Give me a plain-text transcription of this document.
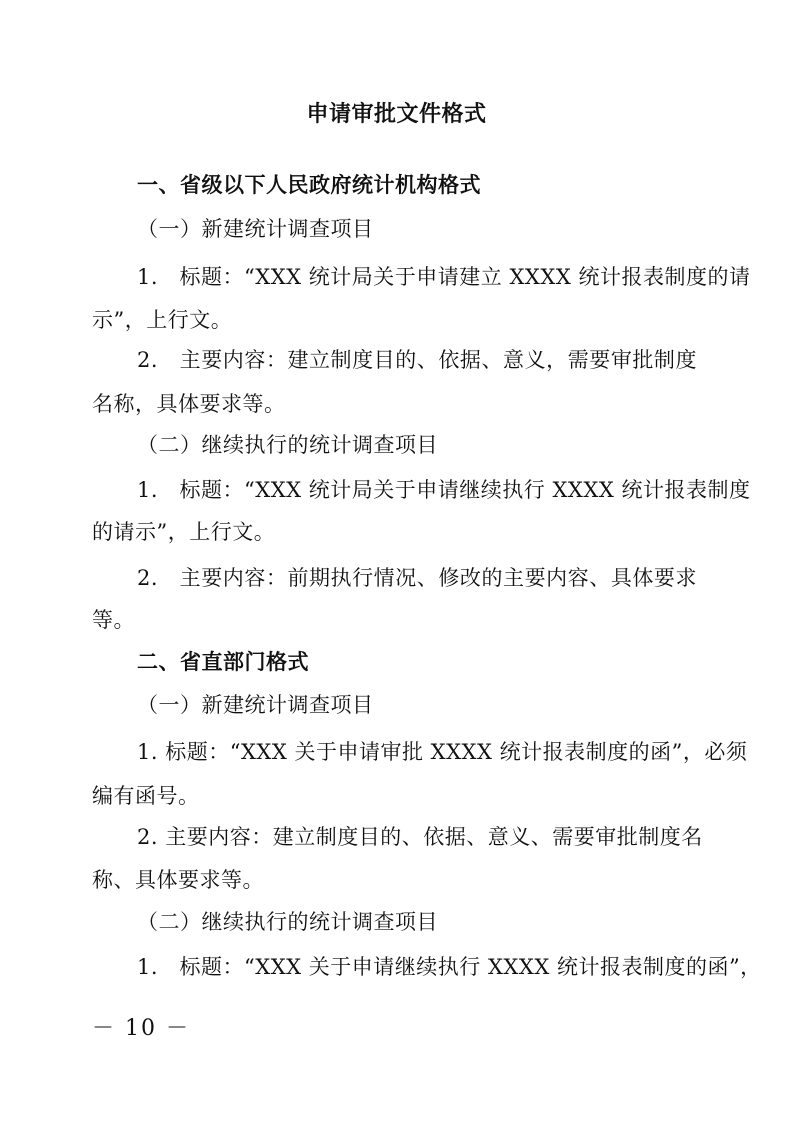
申请审批文件格式
一、省级以下人民政府统计机构格式
（一）新建统计调查项目
1.　标题：“XXX 统计局关于申请建立 XXXX 统计报表制度的请
示”，上行文。
2.　主要内容：建立制度目的、依据、意义，需要审批制度
名称，具体要求等。
（二）继续执行的统计调查项目
1.　标题：“XXX 统计局关于申请继续执行 XXXX 统计报表制度
的请示”，上行文。
2.　主要内容：前期执行情况、修改的主要内容、具体要求
等。
二、省直部门格式
（一）新建统计调查项目
1. 标题：“XXX 关于申请审批 XXXX 统计报表制度的函”，必须
编有函号。
2. 主要内容：建立制度目的、依据、意义、需要审批制度名
称、具体要求等。
（二）继续执行的统计调查项目
1.　标题：“XXX 关于申请继续执行 XXXX 统计报表制度的函”，
－ 10 －
